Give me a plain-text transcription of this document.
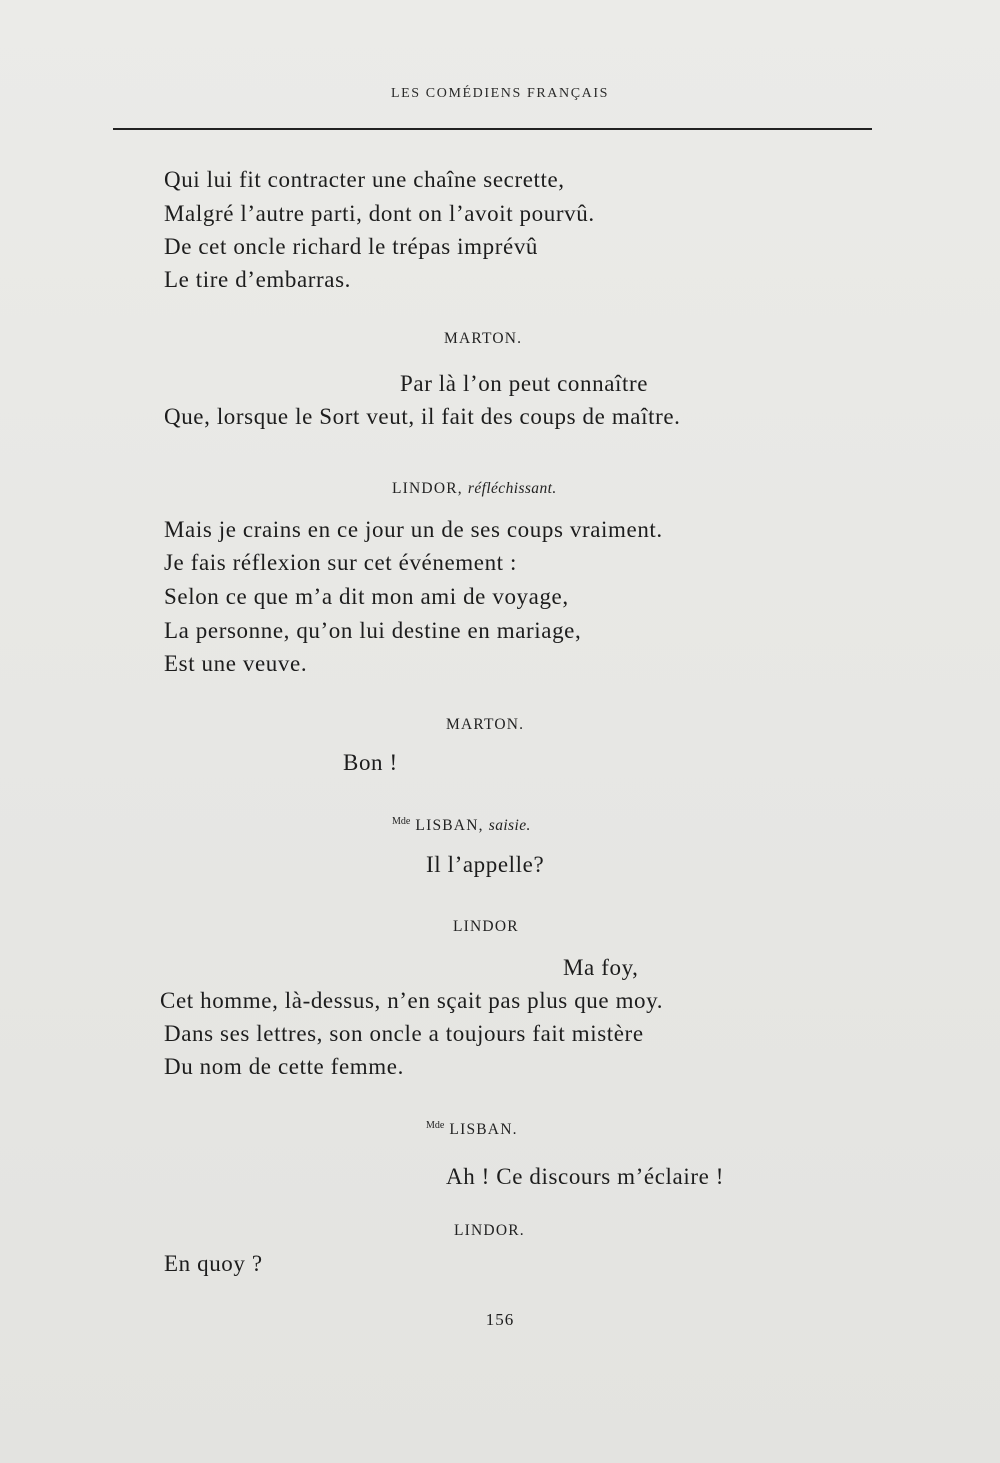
LES COMÉDIENS FRANÇAIS
Qui lui fit contracter une chaîne secrette,
Malgré l’autre parti, dont on l’avoit pourvû.
De cet oncle richard le trépas imprévû
Le tire d’embarras.
MARTON.
Par là l’on peut connaître
Que, lorsque le Sort veut, il fait des coups de maître.
LINDOR, réfléchissant.
Mais je crains en ce jour un de ses coups vraiment.
Je fais réflexion sur cet événement :
Selon ce que m’a dit mon ami de voyage,
La personne, qu’on lui destine en mariage,
Est une veuve.
MARTON.
Bon !
$^{Mde}$ LISBAN, saisie.
Il l’appelle?
LINDOR
Ma foy,
Cet homme, là-dessus, n’en sçait pas plus que moy.
Dans ses lettres, son oncle a toujours fait mistère
Du nom de cette femme.
$^{Mde}$ LISBAN.
Ah ! Ce discours m’éclaire !
LINDOR.
En quoy ?
156
